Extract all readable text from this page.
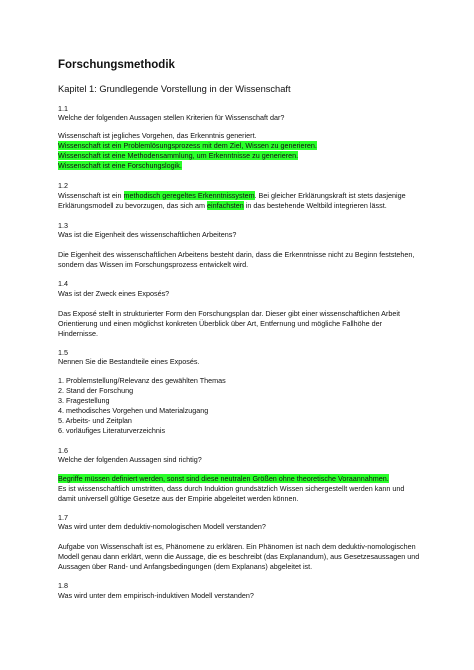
Forschungsmethodik
Kapitel 1: Grundlegende Vorstellung in der Wissenschaft
1.1
Welche der folgenden Aussagen stellen Kriterien für Wissenschaft dar?
Wissenschaft ist jegliches Vorgehen, das Erkenntnis generiert.
Wissenschaft ist ein Problemlösungsprozess mit dem Ziel, Wissen zu generieren.
Wissenschaft ist eine Methodensammlung, um Erkenntnisse zu generieren.
Wissenschaft ist eine Forschungslogik.
1.2
Wissenschaft ist ein methodisch geregeltes Erkenntnissystem. Bei gleicher Erklärungskraft ist stets dasjenige
Erklärungsmodell zu bevorzugen, das sich am einfachsten in das bestehende Weltbild integrieren lässt.
1.3
Was ist die Eigenheit des wissenschaftlichen Arbeitens?
Die Eigenheit des wissenschaftlichen Arbeitens besteht darin, dass die Erkenntnisse nicht zu Beginn feststehen,
sondern das Wissen im Forschungsprozess entwickelt wird.
1.4
Was ist der Zweck eines Exposés?
Das Exposé stellt in strukturierter Form den Forschungsplan dar. Dieser gibt einer wissenschaftlichen Arbeit
Orientierung und einen möglichst konkreten Überblick über Art, Entfernung und mögliche Fallhöhe der
Hindernisse.
1.5
Nennen Sie die Bestandteile eines Exposés.
1. Problemstellung/Relevanz des gewählten Themas
2. Stand der Forschung
3. Fragestellung
4. methodisches Vorgehen und Materialzugang
5. Arbeits- und Zeitplan
6. vorläufiges Literaturverzeichnis
1.6
Welche der folgenden Aussagen sind richtig?
Begriffe müssen definiert werden, sonst sind diese neutralen Größen ohne theoretische Voraannahmen.
Es ist wissenschaftlich umstritten, dass durch Induktion grundsätzlich Wissen sichergestellt werden kann und
damit universell gültige Gesetze aus der Empirie abgeleitet werden können.
1.7
Was wird unter dem deduktiv-nomologischen Modell verstanden?
Aufgabe von Wissenschaft ist es, Phänomene zu erklären. Ein Phänomen ist nach dem deduktiv-nomologischen
Modell genau dann erklärt, wenn die Aussage, die es beschreibt (das Explanandum), aus Gesetzesaussagen und
Aussagen über Rand- und Anfangsbedingungen (dem Explanans) abgeleitet ist.
1.8
Was wird unter dem empirisch-induktiven Modell verstanden?
